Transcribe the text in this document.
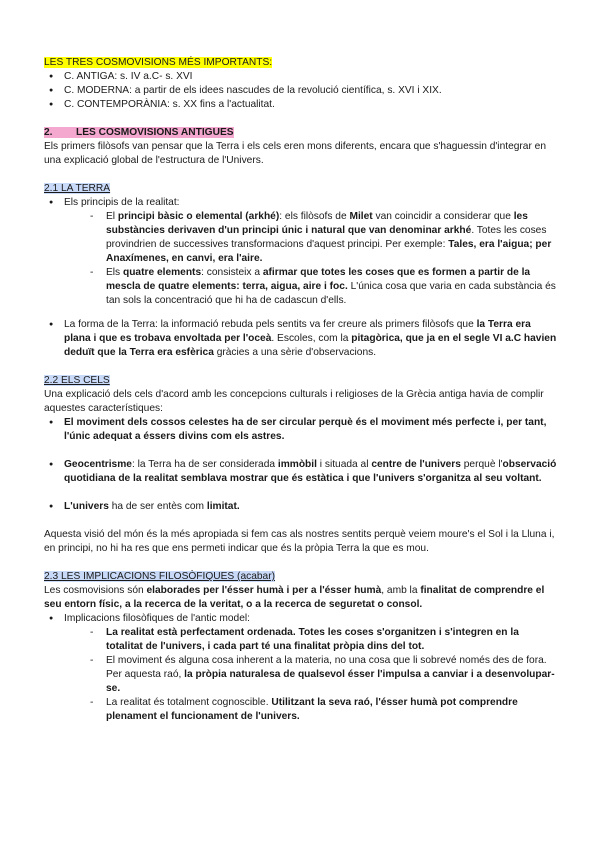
LES TRES COSMOVISIONS MÉS IMPORTANTS:

● C. ANTIGA: s. IV a.C- s. XVI
● C. MODERNA: a partir de els idees nascudes de la revolució científica, s. XVI i XIX.
● C. CONTEMPORÀNIA: s. XX fins a l'actualitat.

2. LES COSMOVISIONS ANTIGUES

Els primers filòsofs van pensar que la Terra i els cels eren mons diferents, encara que s'haguessin d'integrar en una explicació global de l'estructura de l'Univers.

2.1 LA TERRA

● Els principis de la realitat:
- El principi bàsic o elemental (arkhé): els filòsofs de Milet van coincidir a considerar que les substàncies derivaven d'un principi únic i natural que van denominar arkhé. Totes les coses provindrien de successives transformacions d'aquest principi. Per exemple: Tales, era l'aigua; per Anaxímenes, en canvi, era l'aire.
- Els quatre elements: consisteix a afirmar que totes les coses que es formen a partir de la mescla de quatre elements: terra, aigua, aire i foc. L'única cosa que varia en cada substància és tan sols la concentració que hi ha de cadascun d'ells.
● La forma de la Terra: la informació rebuda pels sentits va fer creure als primers filòsofs que la Terra era plana i que es trobava envoltada per l'oceà. Escoles, com la pitagòrica, que ja en el segle VI a.C havien deduït que la Terra era esfèrica gràcies a una sèrie d'observacions.

2.2 ELS CELS

Una explicació dels cels d'acord amb les concepcions culturals i religioses de la Grècia antiga havia de complir aquestes característiques:

● El moviment dels cossos celestes ha de ser circular perquè és el moviment més perfecte i, per tant, l'únic adequat a éssers divins com els astres.
● Geocentrisme: la Terra ha de ser considerada immòbil i situada al centre de l'univers perquè l'observació quotidiana de la realitat semblava mostrar que és estàtica i que l'univers s'organitza al seu voltant.
● L'univers ha de ser entès com limitat.

Aquesta visió del món és la més apropiada si fem cas als nostres sentits perquè veiem moure's el Sol i la Lluna i, en principi, no hi ha res que ens permeti indicar que és la pròpia Terra la que es mou.

2.3 LES IMPLICACIONS FILOSÒFIQUES (acabar)

Les cosmovisions són elaborades per l'ésser humà i per a l'ésser humà, amb la finalitat de comprendre el seu entorn físic, a la recerca de la veritat, o a la recerca de seguretat o consol.

● Implicacions filosòfiques de l'antic model:
- La realitat està perfectament ordenada. Totes les coses s'organitzen i s'integren en la totalitat de l'univers, i cada part té una finalitat pròpia dins del tot.
- El moviment és alguna cosa inherent a la materia, no una cosa que li sobrevé només des de fora. Per aquesta raó, la pròpia naturalesa de qualsevol ésser l'impulsa a canviar i a desenvolupar-se.
- La realitat és totalment cognoscible. Utilitzant la seva raó, l'ésser humà pot comprendre plenament el funcionament de l'univers.
